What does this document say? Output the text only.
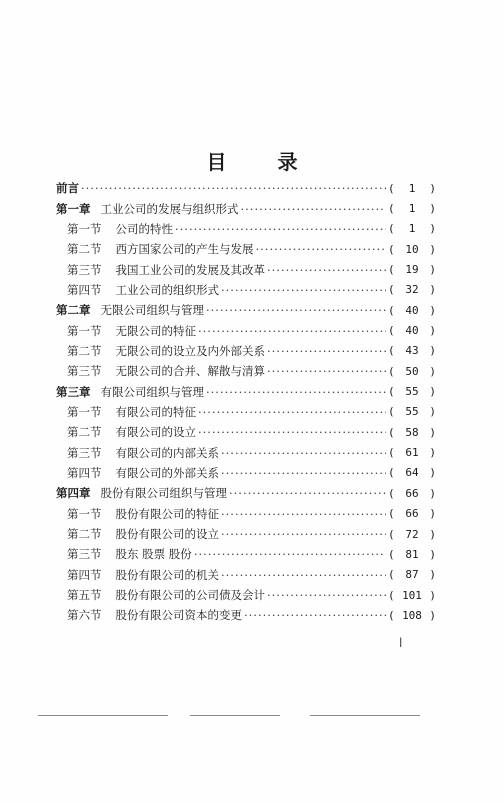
目 录
前言 ·····	(	1	)
第一章 工业公司的发展与组织形式 ·····	(	1	)
第一节 公司的特性 ·····	(	1	)
第二节 西方国家公司的产生与发展 ·····	( 10 )
第三节 我国工业公司的发展及其改革 ·····	( 19 )
第四节 工业公司的组织形式 ·····	( 32 )
第二章 无限公司组织与管理 ·····	( 40 )
第一节 无限公司的特征 ·····	( 40 )
第二节 无限公司的设立及内外部关系 ·····	( 43 )
第三节 无限公司的合并、解散与清算 ·····	( 50 )
第三章 有限公司组织与管理 ·····	( 55 )
第一节 有限公司的特征 ·····	( 55 )
第二节 有限公司的设立 ·····	( 58 )
第三节 有限公司的内部关系 ·····	( 61 )
第四节 有限公司的外部关系 ·····	( 64 )
第四章 股份有限公司组织与管理 ·····	( 66 )
第一节 股份有限公司的特征 ·····	( 66 )
第二节 股份有限公司的设立 ·····	( 72 )
第三节 股东 股票 股份 ·····	( 81 )
第四节 股份有限公司的机关 ·····	( 87 )
第五节 股份有限公司的公司债及会计 ·····	( 101 )
第六节 股份有限公司资本的变更 ·····	( 108 )
l
